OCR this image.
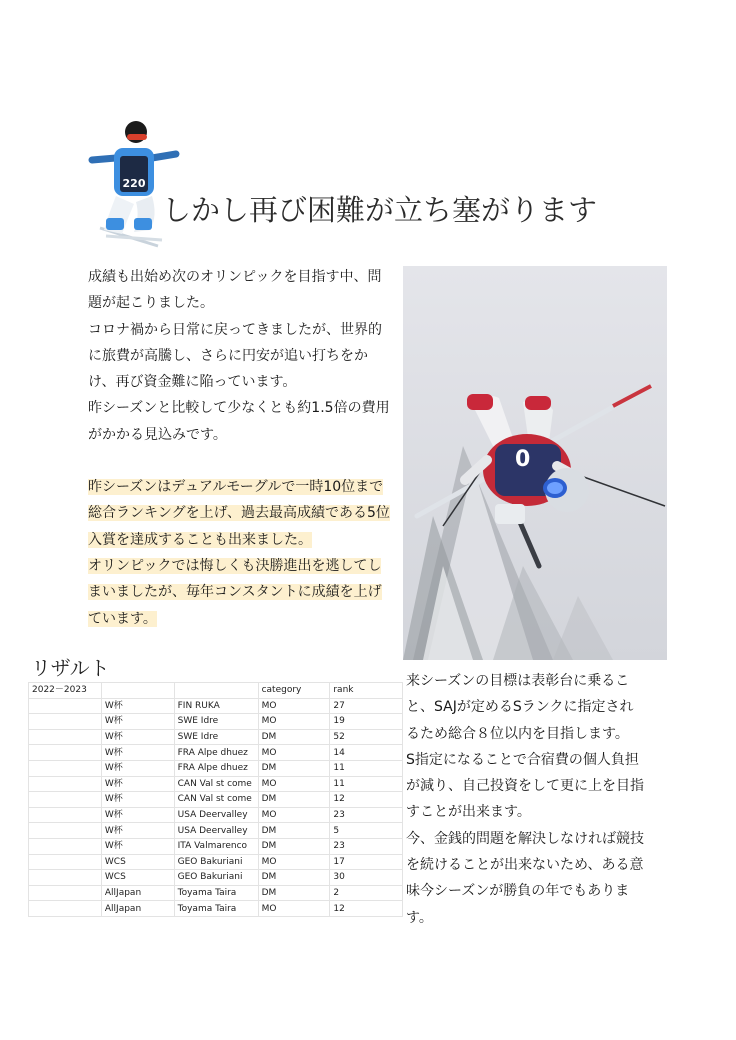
220
しかし再び困難が立ち塞がります

成績も出始め次のオリンピックを目指す中、問題が起こりました。

コロナ禍から日常に戻ってきましたが、世界的に旅費が高騰し、さらに円安が追い打ちをかけ、再び資金難に陥っています。

昨シーズンと比較して少なくとも約1.5倍の費用がかかる見込みです。

昨シーズンはデュアルモーグルで一時10位まで総合ランキングを上げ、過去最高成績である5位入賞を達成することも出来ました。

オリンピックでは悔しくも決勝進出を逃してしまいましたが、毎年コンスタントに成績を上げています。

0
リザルト
2022－2023			category	rank
	W杯	FIN RUKA	MO	27
	W杯	SWE Idre	MO	19
	W杯	SWE Idre	DM	52
	W杯	FRA Alpe dhuez	MO	14
	W杯	FRA Alpe dhuez	DM	11
	W杯	CAN Val st come	MO	11
	W杯	CAN Val st come	DM	12
	W杯	USA Deervalley	MO	23
	W杯	USA Deervalley	DM	5
	W杯	ITA Valmarenco	DM	23
	WCS	GEO Bakuriani	MO	17
	WCS	GEO Bakuriani	DM	30
	AllJapan	Toyama Taira	DM	2
	AllJapan	Toyama Taira	MO	12

来シーズンの目標は表彰台に乗ること、SAJが定めるSランクに指定されるため総合８位以内を目指します。

S指定になることで合宿費の個人負担が減り、自己投資をして更に上を目指すことが出来ます。

今、金銭的問題を解決しなければ競技を続けることが出来ないため、ある意味今シーズンが勝負の年でもあります。
